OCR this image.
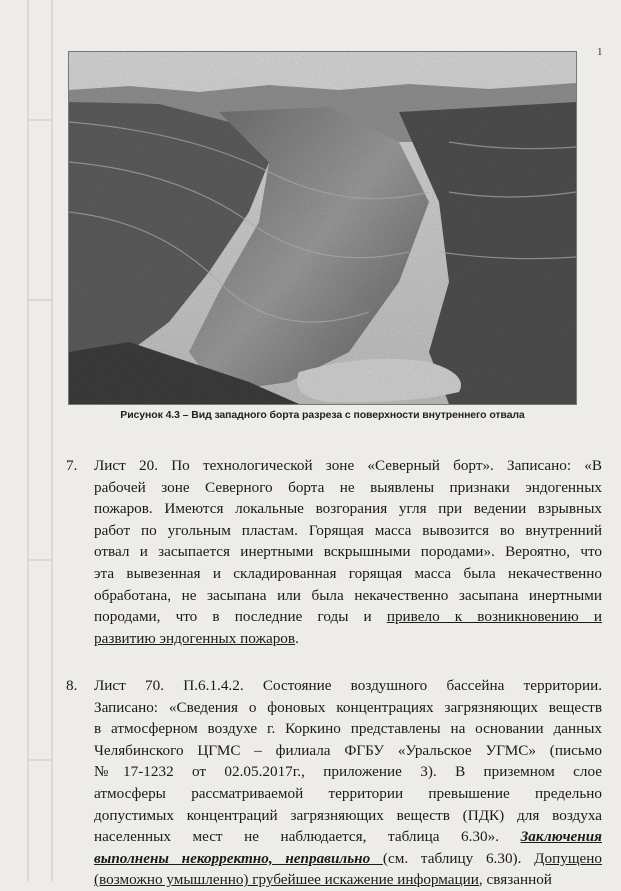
1
Рисунок 4.3 – Вид западного борта разреза с поверхности внутреннего отвала
7.	Лист 20. По технологической зоне «Северный борт». Записано: «В
рабочей зоне Северного борта не выявлены признаки эндогенных
пожаров. Имеются локальные возгорания угля при ведении взрывных
работ по угольным пластам. Горящая масса вывозится во внутренний
отвал и засыпается инертными вскрышными породами». Вероятно, что
эта вывезенная и складированная горящая масса была некачественно
обработана, не засыпана или была некачественно засыпана инертными
породами, что в последние годы и привело к возникновению и
развитию эндогенных пожаров.
8.	Лист 70. П.6.1.4.2. Состояние воздушного бассейна территории.
Записано: «Сведения о фоновых концентрациях загрязняющих веществ
в атмосферном воздухе г. Коркино представлены на основании данных
Челябинского ЦГМС – филиала ФГБУ «Уральское УГМС» (письмо
№17-1232 от 02.05.2017г., приложение 3). В приземном слое
атмосферы рассматриваемой территории превышение предельно
допустимых концентраций загрязняющих веществ (ПДК) для воздуха
населенных мест не наблюдается, таблица 6.30». Заключения
выполнены некорректно, неправильно (см. таблицу 6.30). Допущено
(возможно умышленно) грубейшее искажение информации, связанной
